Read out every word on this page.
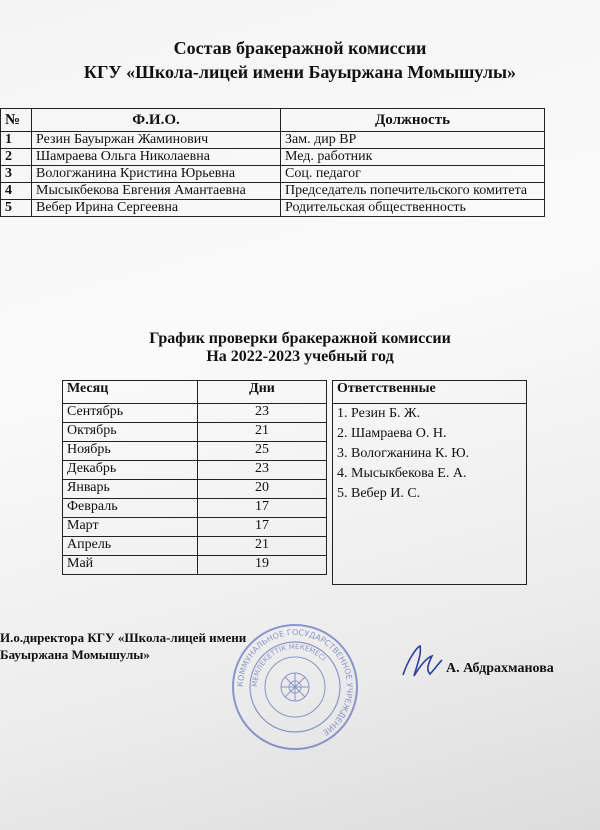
Состав бракеражной комиссии
КГУ «Школа-лицей имени Бауыржана Момышулы»
№	Ф.И.О.	Должность
1	Резин Бауыржан Жаминович	Зам. дир ВР
2	Шамраева Ольга Николаевна	Мед. работник
3	Вологжанина Кристина Юрьевна	Соц. педагог
4	Мысыкбекова Евгения Амантаевна	Председатель попечительского комитета
5	Вебер Ирина Сергеевна	Родительская общественность
График проверки бракеражной комиссии
На 2022-2023 учебный год
Месяц	Дни
Сентябрь	23
Октябрь	21
Ноябрь	25
Декабрь	23
Январь	20
Февраль	17
Март	17
Апрель	21
Май	19
Ответственные

1. Резин Б. Ж.
2. Шамраева О. Н.
3. Вологжанина К. Ю.
4. Мысыкбекова Е. А.
5. Вебер И. С.
КОММУНАЛЬНОЕ ГОСУДАРСТВЕННОЕ УЧРЕЖДЕНИЕ
МЕМЛЕКЕТТІК МЕКЕМЕСІ
И.о.директора КГУ «Школа-лицей имени
Бауыржана Момышулы»
А. Абдрахманова
